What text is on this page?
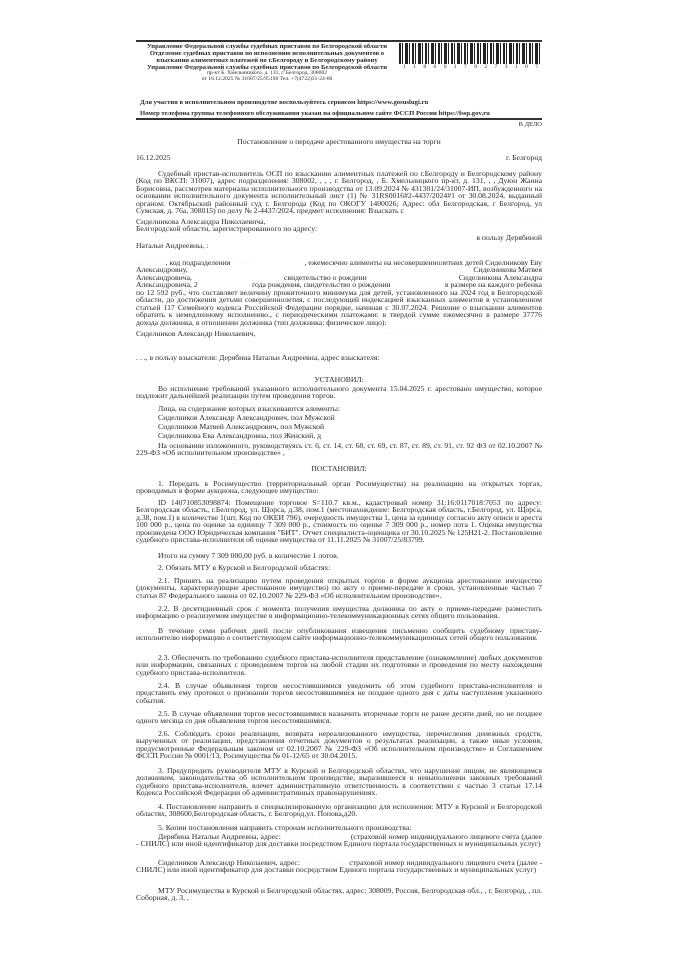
Управление Федеральной службы судебных приставов по Белгородской области
Отделение судебных приставов по исполнению исполнительных документов о взыскании алиментных платежей по г.Белгороду и Белгородскому району
Управление Федеральной службы судебных приставов по Белгородской области
пр-кт Б. Хмельницкого, д. 131, г. Белгород, 308002
от 16.12.2025 № 31007/25/95190 Тел. +7(4722)31-24-60
1 1 8 6 0 1 7 8 2 7 3 1 0 7
Для участия в исполнительном производстве воспользуйтесь сервисом https://www.gosuslugi.ru
Номер телефона группы телефонного обслуживания указан на официальном сайте ФССП России https://fssp.gov.ru
В ДЕЛО
Постановление о передаче арестованного имущества на торги
16.12.2025	г. Белгород
Судебный пристав-исполнитель ОСП по взысканию алиментных платежей по г.Белгороду и Белгородскому району (Код по ВКСП: 31007), адрес подразделения: 308002, , , , г. Белгород, , Б. Хмельницкого пр-кт, д. 131, , , Дуюн Жанна Борисовна, рассмотрев материалы исполнительного производства от 13.09.2024 № 431301/24/31007-ИП, возбужденного на основании исполнительного документа исполнительный лист (1) № 31RS0016#2-4437/2024#1 от 30.08.2024, выданный органом: Октябрьский районный суд г. Белгорода (Код по ОКОГУ 1400026; Адрес: обл Белгородская, г Белгород, ул Сумская, д. 76а, 308015) по делу № 2-4437/2024, предмет исполнения: Взыскать с
Сиделникова Александра Николаевича,	· · · · · · · · · · · · · · ·
Белгородской области, зарегистрированного по адресу:
· · · · · · · · · · · ·	в пользу Дерябиной
Натальи Андреевны, :
· · · · ·, код подразделения · · · ·	, ежемесячно алименты на несовершеннолетних детей Сиделникову Еву
Александровну,	Сиделникова Матвея
Александровича,	свидетельство о рождени	Сиделникова Александра
Александровича, 2	года рождения, свидетельство о рождении	в размере на каждого ребенка
по 12 592 руб., что составляет величину прожиточного минимума для детей, установленного на 2024 год в Белгородской области, до достижения детьми совершеннолетия, с последующей индексацией взысканных алиментов в установленном статьей 117 Семейного кодекса Российской Федерации порядке, начиная с 30.07.2024. Решение о взыскании алиментов обратить к немедленному исполнению., с периодическими платежами: в твердой сумме ежемесячно в размере 37776 дохода должника, в отношении должника (тип должника: физическое лицо):
Сиделников Александр Николаевич,	· · · · · · · · · · · · · · · · · · · · · · · · ·
. . ., в пользу взыскателя: Дерябина Натальи Андреевна, адрес взыскателя:
УСТАНОВИЛ:
Во исполнение требований указанного исполнительного документа 15.04.2025 г. арестовано имущество, которое подлежит дальнейшей реализации путем проведения торгов.
Лица, на содержание которых взыскиваются алименты:
Сиделников Александр Александрович, пол Мужской
Сиделников Матвей Александрович, пол Мужской
Сиделникова Ева Александровна, пол Женский, д
На основании изложенного, руководствуясь ст. 6, ст. 14, ст. 68, ст. 69, ст. 87, ст. 89, ст. 91, ст. 92 ФЗ от 02.10.2007 № 229-ФЗ «Об исполнительном производстве» ,
ПОСТАНОВИЛ:
1. Передать в Росимущество (территориальный орган Росимущества) на реализацию на открытых торгах, проводимых в форме аукциона, следующее имущество:
ID 140710853098874: Помещение торговое S=110.7 кв.м., кадастровый номер 31:16:0117018:7053 по адресу: Белгородская область, г.Белгород, ул. Щорса, д.38, пом.1 (местонахождение: Белгородская область, г.Белгород, ул. Щорса, д.38, пом.1) в количестве 1(шт, Код по ОКЕИ 796), очередность имущества 1, цена за единицу согласно акту описи и ареста 100 000 р., цена по оценке за единицу 7 309 000 р., стоимость по оценке 7 309 000 р., номер лота 1. Оценка имущества произведена ООО Юридическая компания "БИТ". Отчет специалиста-оценщика от 30.10.2025 № 125Н21-2. Постановление судебного пристава-исполнителя об оценке имущества от 11.11.2025 № 31007/25/83799.
Итого на сумму 7 309 000,00 руб. в количестве 1 лотов.
2. Обязать МТУ в Курской и Белгородской областях:
2.1. Принять на реализацию путем проведения открытых торгов в форме аукциона арестованное имущество (документы, характеризующие арестованное имущество) по акту о приеме-передаче в сроки, установленные частью 7 статьи 87 Федерального закона от 02.10.2007 № 229-ФЗ «Об исполнительном производстве».
2.2. В десятидневный срок с момента получения имущества должника по акту о приеме-передаче разместить информацию о реализуемом имуществе в информационно-телекоммуникационных сетях общего пользования.
В течение семи рабочих дней после опубликования извещения письменно сообщить судебному приставу-исполнителю информацию о соответствующем сайте информационно-телекоммуникационных сетей общего пользования.
2.3. Обеспечить по требованию судебного пристава-исполнителя представление (ознакомление) любых документов или информации, связанных с проведением торгов на любой стадии их подготовки и проведения по месту нахождения судебного пристава-исполнителя.
2.4. В случае объявления торгов несостоявшимися уведомить об этом судебного пристава-исполнителя и представить ему протокол о признании торгов несостоявшимися не позднее одного дня с даты наступления указанного события.
2.5. В случае объявления торгов несостоявшимися назначить вторичные торги не ранее десяти дней, но не позднее одного месяца со дня объявления торгов несостоявшимися.
2.6. Соблюдать сроки реализации, возврата нереализованного имущества, перечисления денежных средств, вырученных от реализации, представления отчетных документов о результатах реализации, а также иные условия, предусмотренные Федеральным законом от 02.10.2007 № 229-ФЗ «Об исполнительном производстве» и Соглашением ФССП России № 0001/13, Росимущества № 01-12/65 от 30.04.2015.
3. Предупредить руководителя МТУ в Курской и Белгородской областях, что нарушение лицом, не являющимся должником, законодательства об исполнительном производстве, выразившееся в невыполнении законных требований судебного пристава-исполнителя, влечет административную ответственность в соответствии с частью 3 статьи 17.14 Кодекса Российской Федерации об административных правонарушениях.
4. Постановление направить в специализированную организацию для исполнения: МТУ в Курской и Белгородской областях, 308600,Белгородская область, г. Белгород,ул. Попова,д20.
5. Копии постановления направить сторонам исполнительного производства:
Дерябина Натальи Андреевна, адрес: · · · · · · · · · · (страховой номер индивидуального лицевого счета (далее - СНИЛС) или иной идентификатор для доставки посредством Единого портала государственных и муниципальных услуг)
Сиделников Александр Николаевич, адрес: · · · · · · · страховой номер индивидуального лицевого счета (далее - СНИЛС) или иной идентификатор для доставки посредством Единого портала государственных и муниципальных услуг)
МТУ Росимущества в Курской и Белгородской областях, адрес: 308009, Россия, Белгородская обл., , г. Белгород, , пл. Соборная, д. 3, ,
